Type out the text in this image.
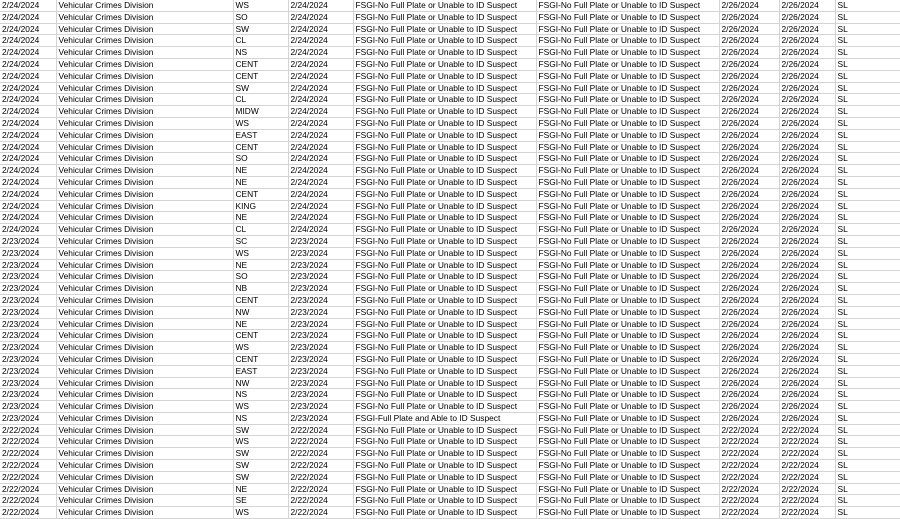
2/24/2024	Vehicular Crimes Division	WS	2/24/2024	FSGI-No Full Plate or Unable to ID Suspect	FSGI-No Full Plate or Unable to ID Suspect	2/26/2024	2/26/2024	SL
2/24/2024	Vehicular Crimes Division	SO	2/24/2024	FSGI-No Full Plate or Unable to ID Suspect	FSGI-No Full Plate or Unable to ID Suspect	2/26/2024	2/26/2024	SL
2/24/2024	Vehicular Crimes Division	SW	2/24/2024	FSGI-No Full Plate or Unable to ID Suspect	FSGI-No Full Plate or Unable to ID Suspect	2/26/2024	2/26/2024	SL
2/24/2024	Vehicular Crimes Division	CL	2/24/2024	FSGI-No Full Plate or Unable to ID Suspect	FSGI-No Full Plate or Unable to ID Suspect	2/26/2024	2/26/2024	SL
2/24/2024	Vehicular Crimes Division	NS	2/24/2024	FSGI-No Full Plate or Unable to ID Suspect	FSGI-No Full Plate or Unable to ID Suspect	2/26/2024	2/26/2024	SL
2/24/2024	Vehicular Crimes Division	CENT	2/24/2024	FSGI-No Full Plate or Unable to ID Suspect	FSGI-No Full Plate or Unable to ID Suspect	2/26/2024	2/26/2024	SL
2/24/2024	Vehicular Crimes Division	CENT	2/24/2024	FSGI-No Full Plate or Unable to ID Suspect	FSGI-No Full Plate or Unable to ID Suspect	2/26/2024	2/26/2024	SL
2/24/2024	Vehicular Crimes Division	SW	2/24/2024	FSGI-No Full Plate or Unable to ID Suspect	FSGI-No Full Plate or Unable to ID Suspect	2/26/2024	2/26/2024	SL
2/24/2024	Vehicular Crimes Division	CL	2/24/2024	FSGI-No Full Plate or Unable to ID Suspect	FSGI-No Full Plate or Unable to ID Suspect	2/26/2024	2/26/2024	SL
2/24/2024	Vehicular Crimes Division	MIDW	2/24/2024	FSGI-No Full Plate or Unable to ID Suspect	FSGI-No Full Plate or Unable to ID Suspect	2/26/2024	2/26/2024	SL
2/24/2024	Vehicular Crimes Division	WS	2/24/2024	FSGI-No Full Plate or Unable to ID Suspect	FSGI-No Full Plate or Unable to ID Suspect	2/26/2024	2/26/2024	SL
2/24/2024	Vehicular Crimes Division	EAST	2/24/2024	FSGI-No Full Plate or Unable to ID Suspect	FSGI-No Full Plate or Unable to ID Suspect	2/26/2024	2/26/2024	SL
2/24/2024	Vehicular Crimes Division	CENT	2/24/2024	FSGI-No Full Plate or Unable to ID Suspect	FSGI-No Full Plate or Unable to ID Suspect	2/26/2024	2/26/2024	SL
2/24/2024	Vehicular Crimes Division	SO	2/24/2024	FSGI-No Full Plate or Unable to ID Suspect	FSGI-No Full Plate or Unable to ID Suspect	2/26/2024	2/26/2024	SL
2/24/2024	Vehicular Crimes Division	NE	2/24/2024	FSGI-No Full Plate or Unable to ID Suspect	FSGI-No Full Plate or Unable to ID Suspect	2/26/2024	2/26/2024	SL
2/24/2024	Vehicular Crimes Division	NE	2/24/2024	FSGI-No Full Plate or Unable to ID Suspect	FSGI-No Full Plate or Unable to ID Suspect	2/26/2024	2/26/2024	SL
2/24/2024	Vehicular Crimes Division	CENT	2/24/2024	FSGI-No Full Plate or Unable to ID Suspect	FSGI-No Full Plate or Unable to ID Suspect	2/26/2024	2/26/2024	SL
2/24/2024	Vehicular Crimes Division	KING	2/24/2024	FSGI-No Full Plate or Unable to ID Suspect	FSGI-No Full Plate or Unable to ID Suspect	2/26/2024	2/26/2024	SL
2/24/2024	Vehicular Crimes Division	NE	2/24/2024	FSGI-No Full Plate or Unable to ID Suspect	FSGI-No Full Plate or Unable to ID Suspect	2/26/2024	2/26/2024	SL
2/24/2024	Vehicular Crimes Division	CL	2/24/2024	FSGI-No Full Plate or Unable to ID Suspect	FSGI-No Full Plate or Unable to ID Suspect	2/26/2024	2/26/2024	SL
2/23/2024	Vehicular Crimes Division	SC	2/23/2024	FSGI-No Full Plate or Unable to ID Suspect	FSGI-No Full Plate or Unable to ID Suspect	2/26/2024	2/26/2024	SL
2/23/2024	Vehicular Crimes Division	WS	2/23/2024	FSGI-No Full Plate or Unable to ID Suspect	FSGI-No Full Plate or Unable to ID Suspect	2/26/2024	2/26/2024	SL
2/23/2024	Vehicular Crimes Division	NE	2/23/2024	FSGI-No Full Plate or Unable to ID Suspect	FSGI-No Full Plate or Unable to ID Suspect	2/26/2024	2/26/2024	SL
2/23/2024	Vehicular Crimes Division	SO	2/23/2024	FSGI-No Full Plate or Unable to ID Suspect	FSGI-No Full Plate or Unable to ID Suspect	2/26/2024	2/26/2024	SL
2/23/2024	Vehicular Crimes Division	NB	2/23/2024	FSGI-No Full Plate or Unable to ID Suspect	FSGI-No Full Plate or Unable to ID Suspect	2/26/2024	2/26/2024	SL
2/23/2024	Vehicular Crimes Division	CENT	2/23/2024	FSGI-No Full Plate or Unable to ID Suspect	FSGI-No Full Plate or Unable to ID Suspect	2/26/2024	2/26/2024	SL
2/23/2024	Vehicular Crimes Division	NW	2/23/2024	FSGI-No Full Plate or Unable to ID Suspect	FSGI-No Full Plate or Unable to ID Suspect	2/26/2024	2/26/2024	SL
2/23/2024	Vehicular Crimes Division	NE	2/23/2024	FSGI-No Full Plate or Unable to ID Suspect	FSGI-No Full Plate or Unable to ID Suspect	2/26/2024	2/26/2024	SL
2/23/2024	Vehicular Crimes Division	CENT	2/23/2024	FSGI-No Full Plate or Unable to ID Suspect	FSGI-No Full Plate or Unable to ID Suspect	2/26/2024	2/26/2024	SL
2/23/2024	Vehicular Crimes Division	WS	2/23/2024	FSGI-No Full Plate or Unable to ID Suspect	FSGI-No Full Plate or Unable to ID Suspect	2/26/2024	2/26/2024	SL
2/23/2024	Vehicular Crimes Division	CENT	2/23/2024	FSGI-No Full Plate or Unable to ID Suspect	FSGI-No Full Plate or Unable to ID Suspect	2/26/2024	2/26/2024	SL
2/23/2024	Vehicular Crimes Division	EAST	2/23/2024	FSGI-No Full Plate or Unable to ID Suspect	FSGI-No Full Plate or Unable to ID Suspect	2/26/2024	2/26/2024	SL
2/23/2024	Vehicular Crimes Division	NW	2/23/2024	FSGI-No Full Plate or Unable to ID Suspect	FSGI-No Full Plate or Unable to ID Suspect	2/26/2024	2/26/2024	SL
2/23/2024	Vehicular Crimes Division	NS	2/23/2024	FSGI-No Full Plate or Unable to ID Suspect	FSGI-No Full Plate or Unable to ID Suspect	2/26/2024	2/26/2024	SL
2/23/2024	Vehicular Crimes Division	WS	2/23/2024	FSGI-No Full Plate or Unable to ID Suspect	FSGI-No Full Plate or Unable to ID Suspect	2/26/2024	2/26/2024	SL
2/23/2024	Vehicular Crimes Division	NS	2/23/2024	FSGI-Full Plate and Able to ID Suspect	FSGI-No Full Plate or Unable to ID Suspect	2/26/2024	2/26/2024	SL
2/22/2024	Vehicular Crimes Division	SW	2/22/2024	FSGI-No Full Plate or Unable to ID Suspect	FSGI-No Full Plate or Unable to ID Suspect	2/22/2024	2/22/2024	SL
2/22/2024	Vehicular Crimes Division	WS	2/22/2024	FSGI-No Full Plate or Unable to ID Suspect	FSGI-No Full Plate or Unable to ID Suspect	2/22/2024	2/22/2024	SL
2/22/2024	Vehicular Crimes Division	SW	2/22/2024	FSGI-No Full Plate or Unable to ID Suspect	FSGI-No Full Plate or Unable to ID Suspect	2/22/2024	2/22/2024	SL
2/22/2024	Vehicular Crimes Division	SW	2/22/2024	FSGI-No Full Plate or Unable to ID Suspect	FSGI-No Full Plate or Unable to ID Suspect	2/22/2024	2/22/2024	SL
2/22/2024	Vehicular Crimes Division	SW	2/22/2024	FSGI-No Full Plate or Unable to ID Suspect	FSGI-No Full Plate or Unable to ID Suspect	2/22/2024	2/22/2024	SL
2/22/2024	Vehicular Crimes Division	NE	2/22/2024	FSGI-No Full Plate or Unable to ID Suspect	FSGI-No Full Plate or Unable to ID Suspect	2/22/2024	2/22/2024	SL
2/22/2024	Vehicular Crimes Division	SE	2/22/2024	FSGI-No Full Plate or Unable to ID Suspect	FSGI-No Full Plate or Unable to ID Suspect	2/22/2024	2/22/2024	SL
2/22/2024	Vehicular Crimes Division	WS	2/22/2024	FSGI-No Full Plate or Unable to ID Suspect	FSGI-No Full Plate or Unable to ID Suspect	2/22/2024	2/22/2024	SL
